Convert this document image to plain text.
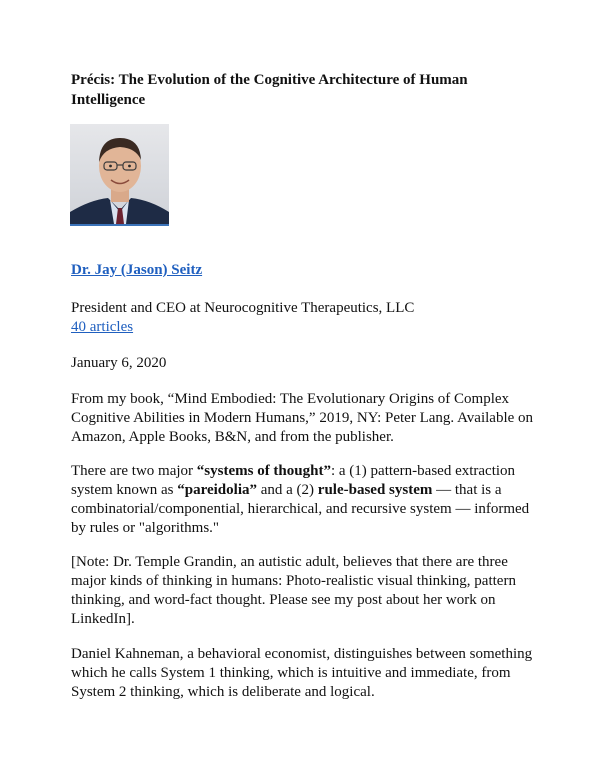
Précis: The Evolution of the Cognitive Architecture of Human Intelligence
Dr. Jay (Jason) Seitz
President and CEO at Neurocognitive Therapeutics, LLC
40 articles
January 6, 2020

From my book, “Mind Embodied: The Evolutionary Origins of Complex Cognitive Abilities in Modern Humans,” 2019, NY: Peter Lang. Available on Amazon, Apple Books, B&N, and from the publisher.

There are two major “systems of thought”: a (1) pattern-based extraction system known as “pareidolia” and a (2) rule-based system — that is a combinatorial/componential, hierarchical, and recursive system — informed by rules or "algorithms."

[Note: Dr. Temple Grandin, an autistic adult, believes that there are three major kinds of thinking in humans: Photo-realistic visual thinking, pattern thinking, and word-fact thought. Please see my post about her work on LinkedIn].

Daniel Kahneman, a behavioral economist, distinguishes between something which he calls System 1 thinking, which is intuitive and immediate, from System 2 thinking, which is deliberate and logical.
